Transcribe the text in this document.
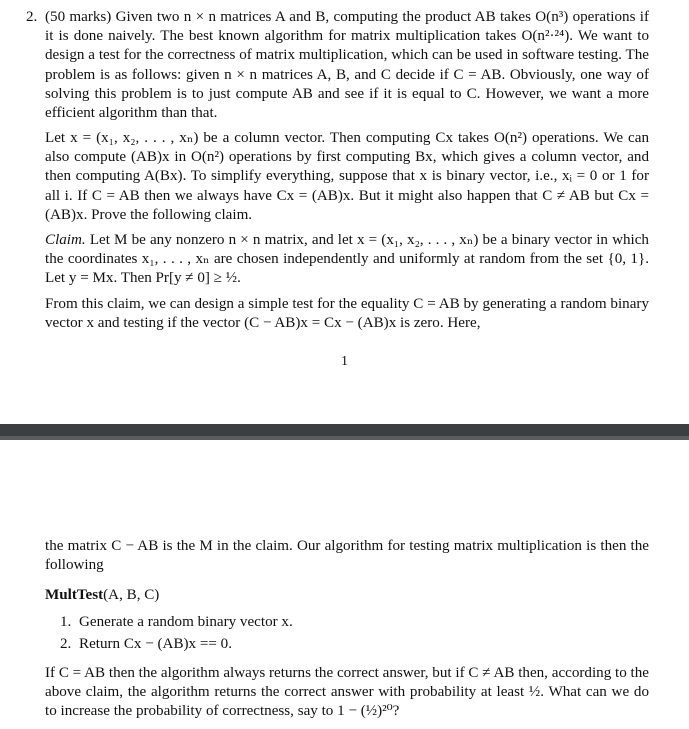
2. (50 marks) Given two n × n matrices A and B, computing the product AB takes O(n³) operations if it is done naively. The best known algorithm for matrix multiplication takes O(n²·²⁴). We want to design a test for the correctness of matrix multiplication, which can be used in software testing. The problem is as follows: given n × n matrices A, B, and C decide if C = AB. Obviously, one way of solving this problem is to just compute AB and see if it is equal to C. However, we want a more efficient algorithm than that.

Let x = (x₁, x₂, . . . , xₙ) be a column vector. Then computing Cx takes O(n²) operations. We can also compute (AB)x in O(n²) operations by first computing Bx, which gives a column vector, and then computing A(Bx). To simplify everything, suppose that x is binary vector, i.e., xᵢ = 0 or 1 for all i. If C = AB then we always have Cx = (AB)x. But it might also happen that C ≠ AB but Cx = (AB)x. Prove the following claim.

Claim. Let M be any nonzero n × n matrix, and let x = (x₁, x₂, . . . , xₙ) be a binary vector in which the coordinates x₁, . . . , xₙ are chosen independently and uniformly at random from the set {0, 1}. Let y = Mx. Then Pr[y ≠ 0] ≥ ½.

From this claim, we can design a simple test for the equality C = AB by generating a random binary vector x and testing if the vector (C − AB)x = Cx − (AB)x is zero. Here,

1

the matrix C − AB is the M in the claim. Our algorithm for testing matrix multiplication is then the following

MultTest(A, B, C)
1. Generate a random binary vector x.
2. Return Cx − (AB)x == 0.

If C = AB then the algorithm always returns the correct answer, but if C ≠ AB then, according to the above claim, the algorithm returns the correct answer with probability at least ½. What can we do to increase the probability of correctness, say to 1 − (½)²⁰?
